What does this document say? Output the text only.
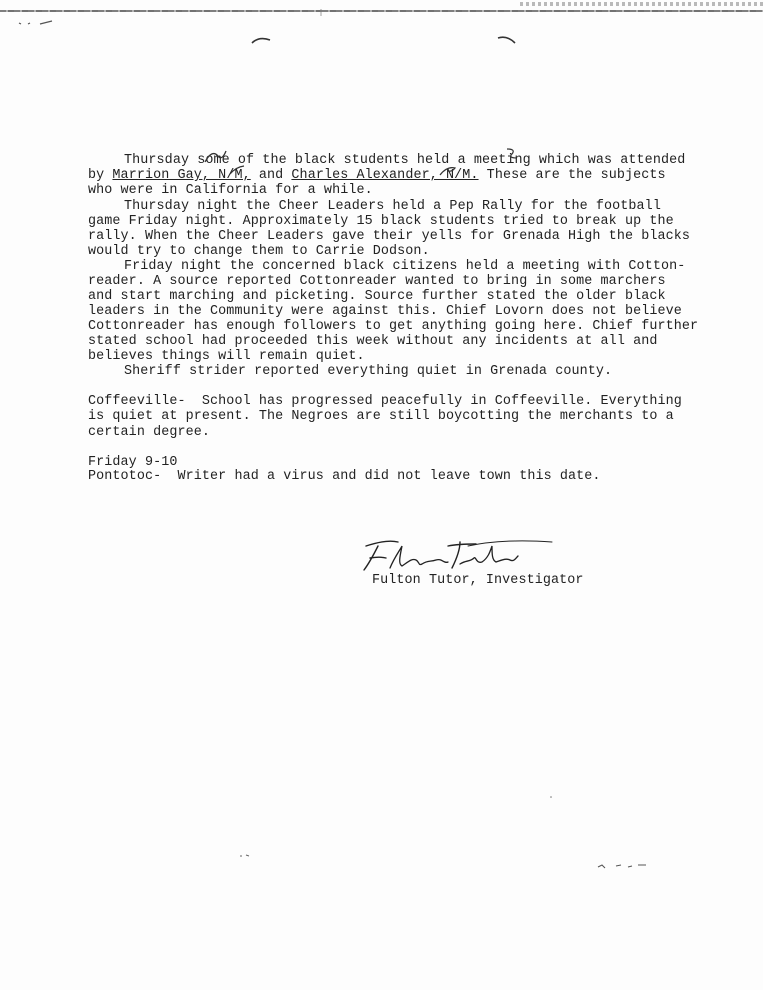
Thursday some of the black students held a meeting which was attended
by Marrion Gay, N/M, and Charles Alexander, N/M. These are the subjects
who were in California for a while.
Thursday night the Cheer Leaders held a Pep Rally for the football
game Friday night. Approximately 15 black students tried to break up the
rally. When the Cheer Leaders gave their yells for Grenada High the blacks
would try to change them to Carrie Dodson.
Friday night the concerned black citizens held a meeting with Cotton-
reader. A source reported Cottonreader wanted to bring in some marchers
and start marching and picketing. Source further stated the older black
leaders in the Community were against this. Chief Lovorn does not believe
Cottonreader has enough followers to get anything going here. Chief further
stated school had proceeded this week without any incidents at all and
believes things will remain quiet.
Sheriff strider reported everything quiet in Grenada county.
Coffeeville-  School has progressed peacefully in Coffeeville. Everything
is quiet at present. The Negroes are still boycotting the merchants to a
certain degree.
Friday 9-10
Pontotoc-  Writer had a virus and did not leave town this date.
Fulton Tutor, Investigator
